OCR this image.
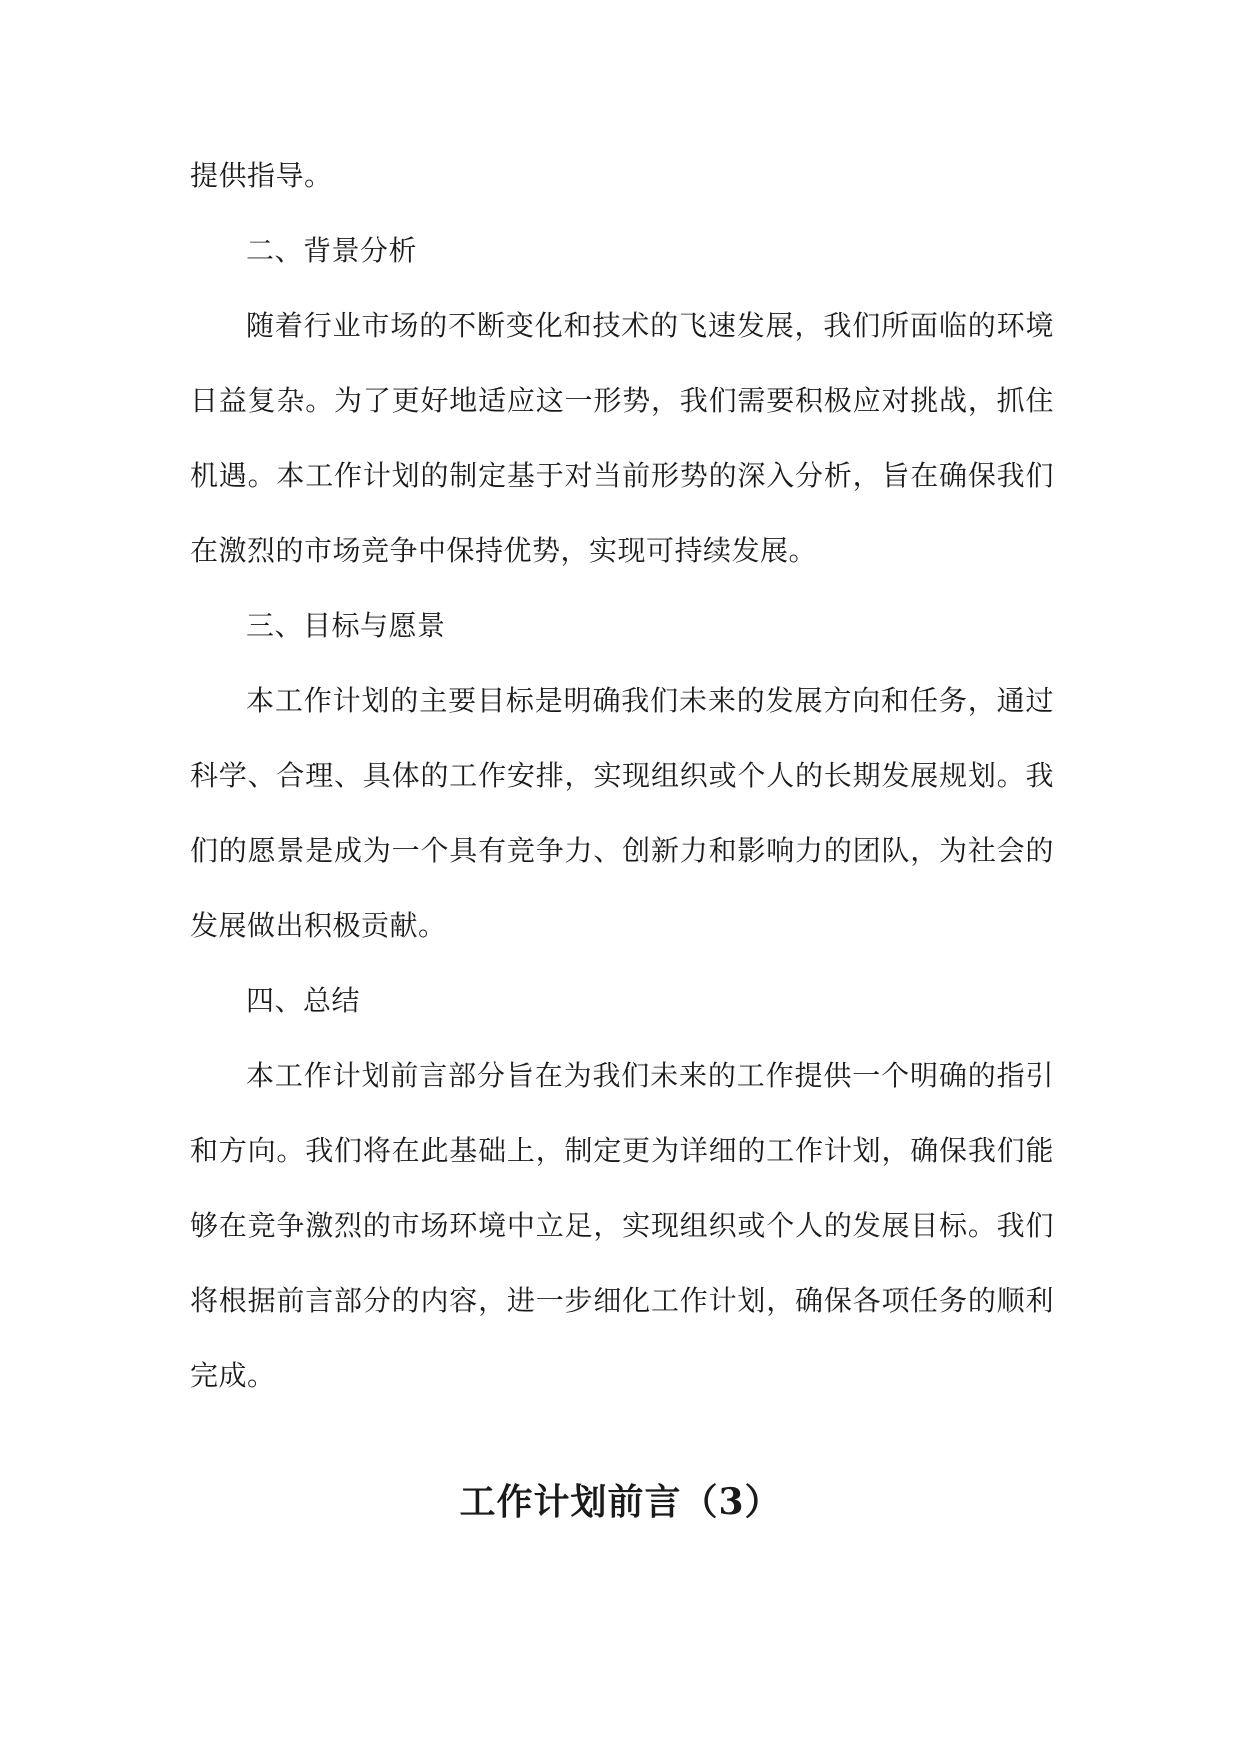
提供指导。

二、背景分析

随着行业市场的不断变化和技术的飞速发展，我们所面临的环境日益复杂。为了更好地适应这一形势，我们需要积极应对挑战，抓住机遇。本工作计划的制定基于对当前形势的深入分析，旨在确保我们在激烈的市场竞争中保持优势，实现可持续发展。

三、目标与愿景

本工作计划的主要目标是明确我们未来的发展方向和任务，通过科学、合理、具体的工作安排，实现组织或个人的长期发展规划。我们的愿景是成为一个具有竞争力、创新力和影响力的团队，为社会的发展做出积极贡献。

四、总结

本工作计划前言部分旨在为我们未来的工作提供一个明确的指引和方向。我们将在此基础上，制定更为详细的工作计划，确保我们能够在竞争激烈的市场环境中立足，实现组织或个人的发展目标。我们将根据前言部分的内容，进一步细化工作计划，确保各项任务的顺利完成。

工作计划前言（3）
